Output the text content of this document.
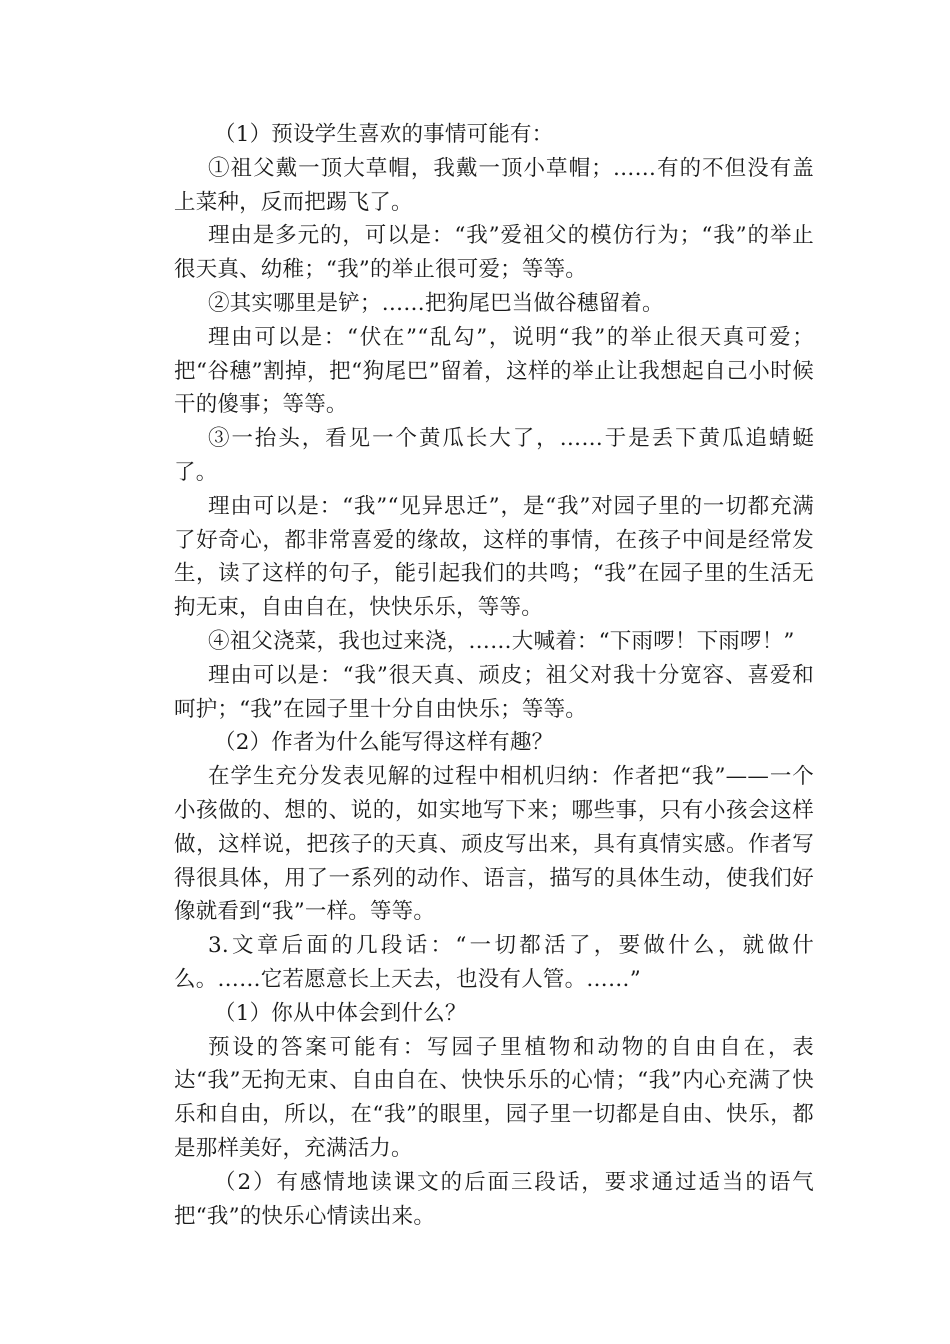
（1）预设学生喜欢的事情可能有：

①祖父戴一顶大草帽，我戴一顶小草帽；……有的不但没有盖上菜种，反而把踢飞了。

理由是多元的，可以是：“我”爱祖父的模仿行为；“我”的举止很天真、幼稚；“我”的举止很可爱；等等。

②其实哪里是铲；……把狗尾巴当做谷穗留着。

理由可以是：“伏在”“乱勾”，说明“我”的举止很天真可爱；把“谷穗”割掉，把“狗尾巴”留着，这样的举止让我想起自己小时候干的傻事；等等。

③一抬头，看见一个黄瓜长大了，……于是丢下黄瓜追蜻蜓了。

理由可以是：“我”“见异思迁”，是“我”对园子里的一切都充满了好奇心，都非常喜爱的缘故，这样的事情，在孩子中间是经常发生，读了这样的句子，能引起我们的共鸣；“我”在园子里的生活无拘无束，自由自在，快快乐乐，等等。

④祖父浇菜，我也过来浇，……大喊着：“下雨啰！下雨啰！”

理由可以是：“我”很天真、顽皮；祖父对我十分宽容、喜爱和呵护；“我”在园子里十分自由快乐；等等。

（2）作者为什么能写得这样有趣？

在学生充分发表见解的过程中相机归纳：作者把“我”——一个小孩做的、想的、说的，如实地写下来；哪些事，只有小孩会这样做，这样说，把孩子的天真、顽皮写出来，具有真情实感。作者写得很具体，用了一系列的动作、语言，描写的具体生动，使我们好像就看到“我”一样。等等。

3.文章后面的几段话：“一切都活了，要做什么，就做什么。……它若愿意长上天去，也没有人管。……”

（1）你从中体会到什么？

预设的答案可能有：写园子里植物和动物的自由自在，表达“我”无拘无束、自由自在、快快乐乐的心情；“我”内心充满了快乐和自由，所以，在“我”的眼里，园子里一切都是自由、快乐，都是那样美好，充满活力。

（2）有感情地读课文的后面三段话，要求通过适当的语气把“我”的快乐心情读出来。
